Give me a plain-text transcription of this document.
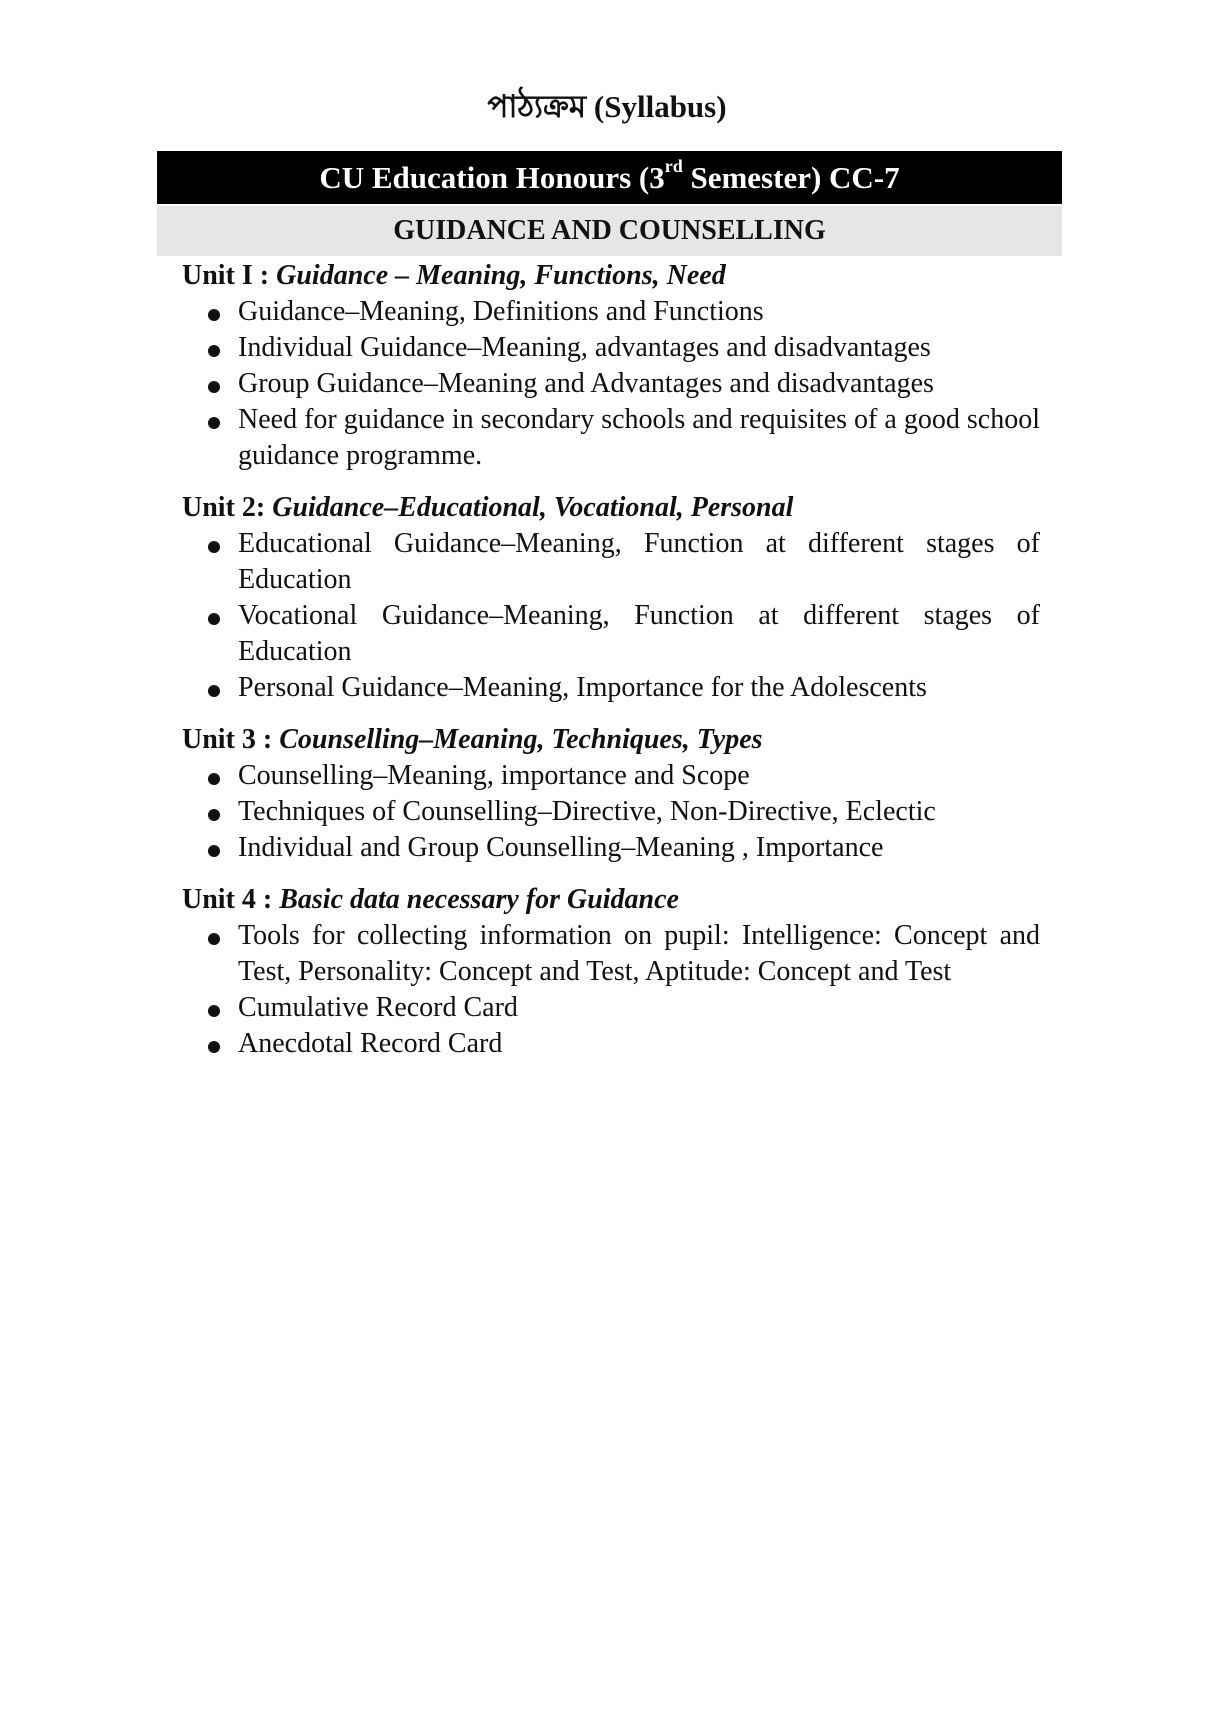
পাঠ্যক্রম (Syllabus)
CU Education Honours (3rd Semester) CC-7
GUIDANCE AND COUNSELLING
Unit I : Guidance – Meaning, Functions, Need
Guidance–Meaning, Definitions and Functions
Individual Guidance–Meaning, advantages and disadvantages
Group Guidance–Meaning and Advantages and disadvantages
Need for guidance in secondary schools and requisites of a good school guidance programme.
Unit 2: Guidance–Educational, Vocational, Personal
Educational Guidance–Meaning, Function at different stages of Education
Vocational Guidance–Meaning, Function at different stages of Education
Personal Guidance–Meaning, Importance for the Adolescents
Unit 3 : Counselling–Meaning, Techniques, Types
Counselling–Meaning, importance and Scope
Techniques of Counselling–Directive, Non-Directive, Eclectic
Individual and Group Counselling–Meaning , Importance
Unit 4 : Basic data necessary for Guidance
Tools for collecting information on pupil: Intelligence: Concept and Test, Personality: Concept and Test, Aptitude: Concept and Test
Cumulative Record Card
Anecdotal Record Card
